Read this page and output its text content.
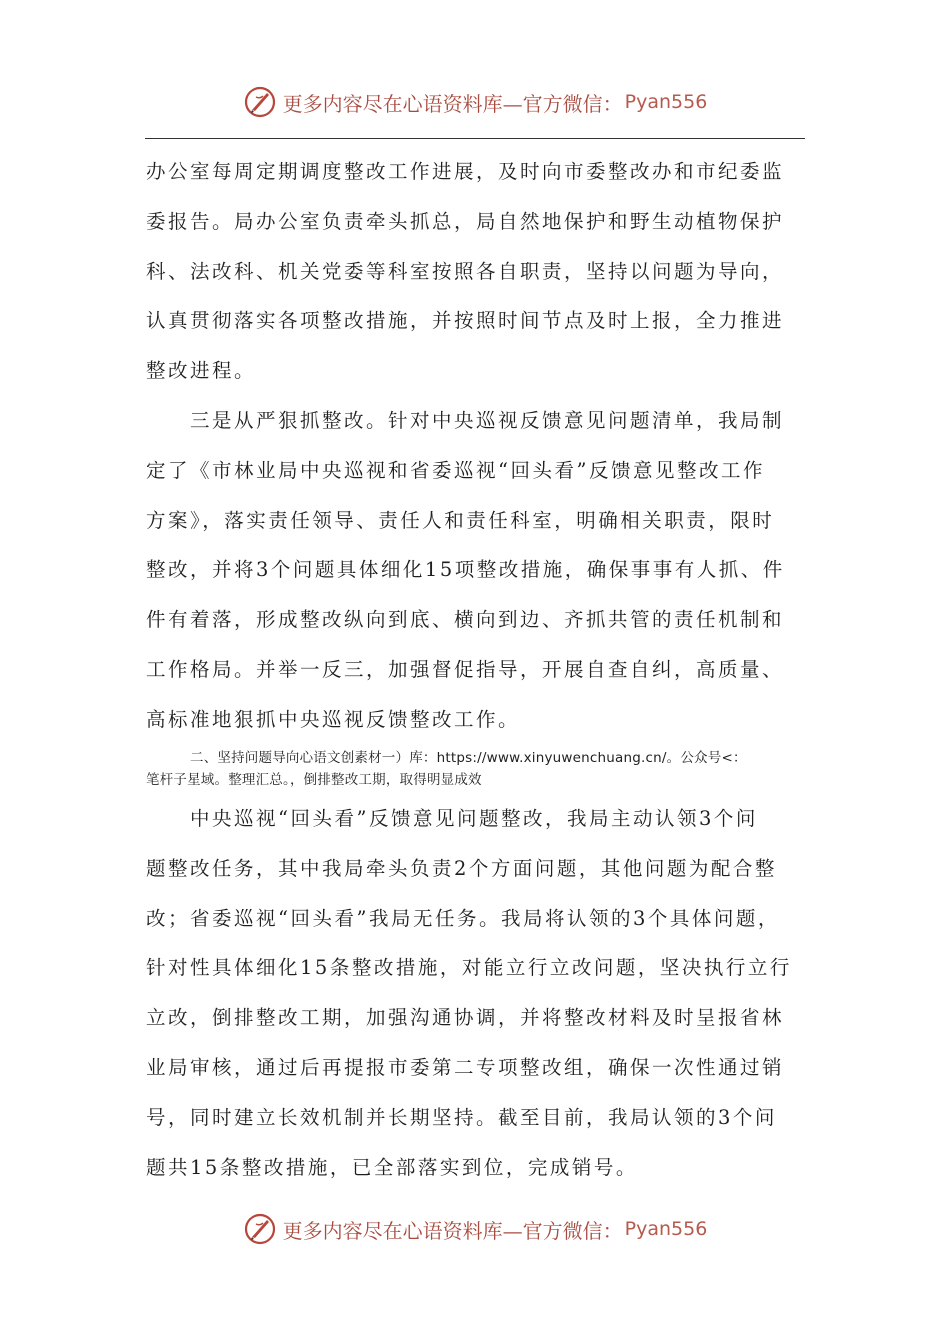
更多内容尽在心语资料库—官方微信： Pyan556
办公室每周定期调度整改工作进展，及时向市委整改办和市纪委监
委报告。局办公室负责牵头抓总，局自然地保护和野生动植物保护
科、法改科、机关党委等科室按照各自职责，坚持以问题为导向，
认真贯彻落实各项整改措施，并按照时间节点及时上报，全力推进
整改进程。
　　三是从严狠抓整改。针对中央巡视反馈意见问题清单，我局制
定了《市林业局中央巡视和省委巡视“回头看”反馈意见整改工作
方案》，落实责任领导、责任人和责任科室，明确相关职责，限时
整改，并将3个问题具体细化15项整改措施，确保事事有人抓、件
件有着落，形成整改纵向到底、横向到边、齐抓共管的责任机制和
工作格局。并举一反三，加强督促指导，开展自查自纠，高质量、
高标准地狠抓中央巡视反馈整改工作。
二、坚持问题导向心语文创素材一）库：https://www.xinyuwenchuang.cn/。公众号<：
笔杆子星域。整理汇总。，倒排整改工期，取得明显成效
　　中央巡视“回头看”反馈意见问题整改，我局主动认领3个问
题整改任务，其中我局牵头负责2个方面问题，其他问题为配合整
改；省委巡视“回头看”我局无任务。我局将认领的3个具体问题，
针对性具体细化15条整改措施，对能立行立改问题，坚决执行立行
立改，倒排整改工期，加强沟通协调，并将整改材料及时呈报省林
业局审核，通过后再提报市委第二专项整改组，确保一次性通过销
号，同时建立长效机制并长期坚持。截至目前，我局认领的3个问
题共15条整改措施，已全部落实到位，完成销号。
更多内容尽在心语资料库—官方微信： Pyan556
